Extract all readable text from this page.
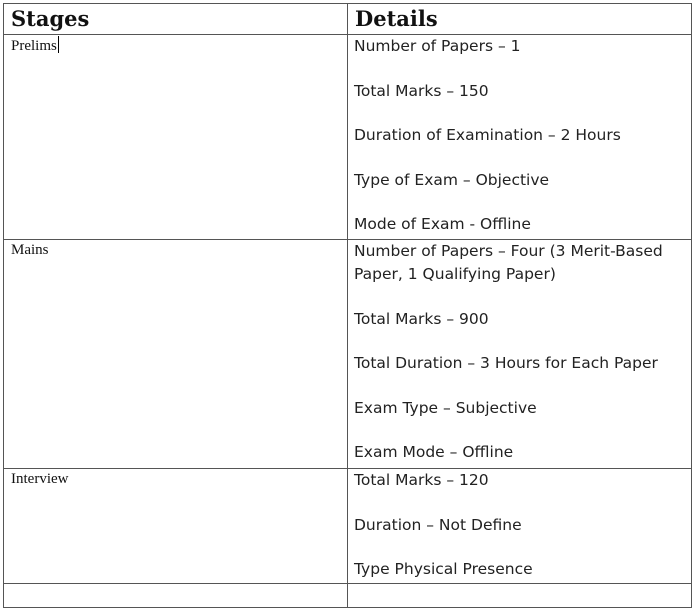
Stages	Details
Prelims	Number of Papers – 1
Total Marks – 150
Duration of Examination – 2 Hours
Type of Exam – Objective
Mode of Exam - Offline

Mains	Number of Papers – Four (3 Merit-Based Paper, 1 Qualifying Paper)
Total Marks – 900
Total Duration – 3 Hours for Each Paper
Exam Type – Subjective
Exam Mode – Offline

Interview	Total Marks – 120
Duration – Not Define
Type Physical Presence
